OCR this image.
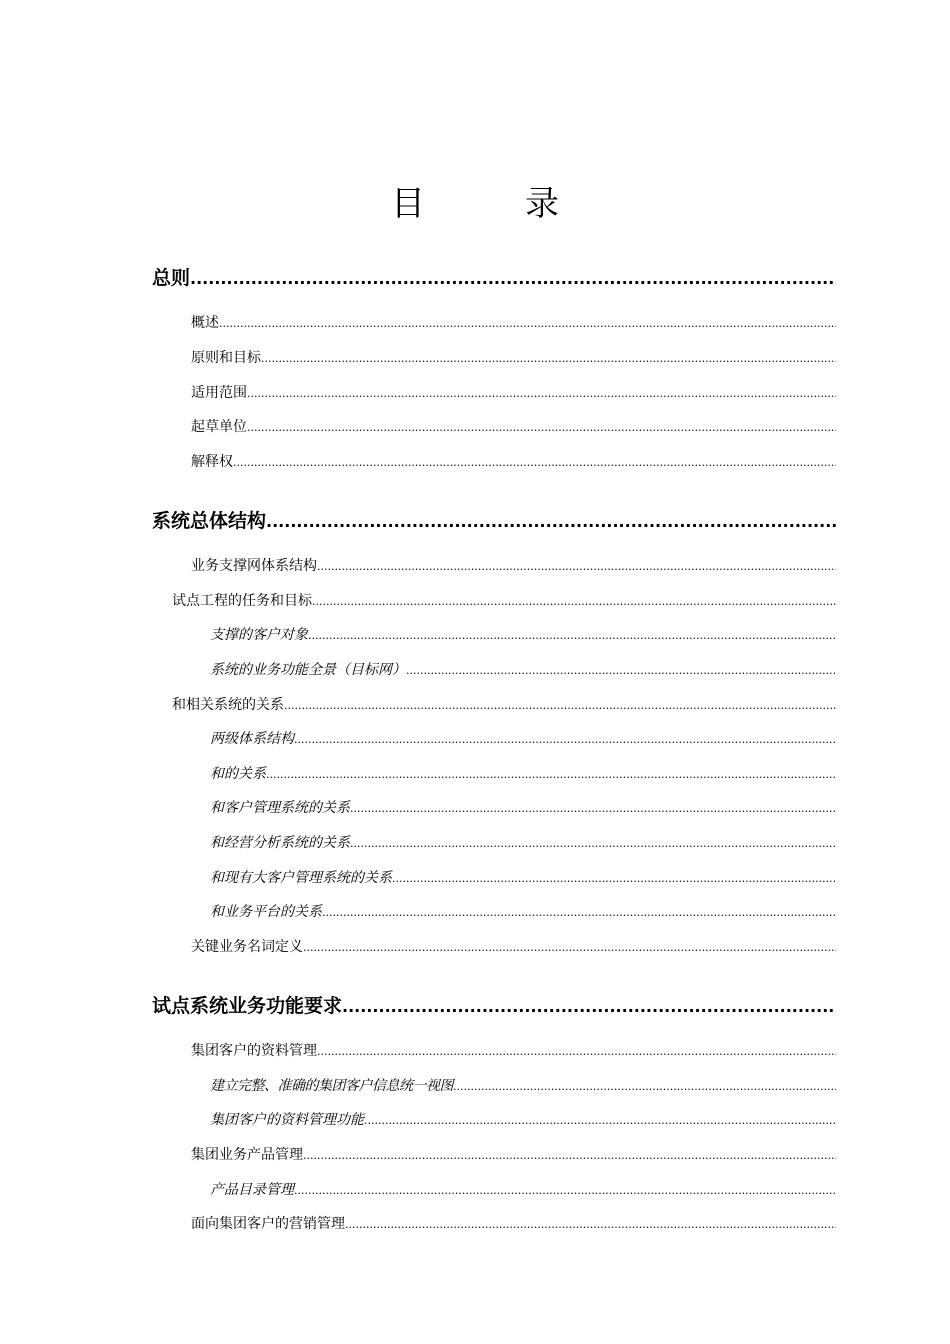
目	录
总则
.....
概述
.....
原则和目标
.....
适用范围
.....
起草单位
.....
解释权
.....
系统总体结构
.....
业务支撑网体系结构
.....
试点工程的任务和目标
.....
支撑的客户对象
.....
系统的业务功能全景（目标网）
.....
和相关系统的关系
.....
两级体系结构
.....
和的关系
.....
和客户管理系统的关系
.....
和经营分析系统的关系
.....
和现有大客户管理系统的关系
.....
和业务平台的关系
.....
关键业务名词定义
.....
试点系统业务功能要求
.....
集团客户的资料管理
.....
建立完整、准确的集团客户信息统一视图
.....
集团客户的资料管理功能
.....
集团业务产品管理
.....
产品目录管理
.....
面向集团客户的营销管理
.....
